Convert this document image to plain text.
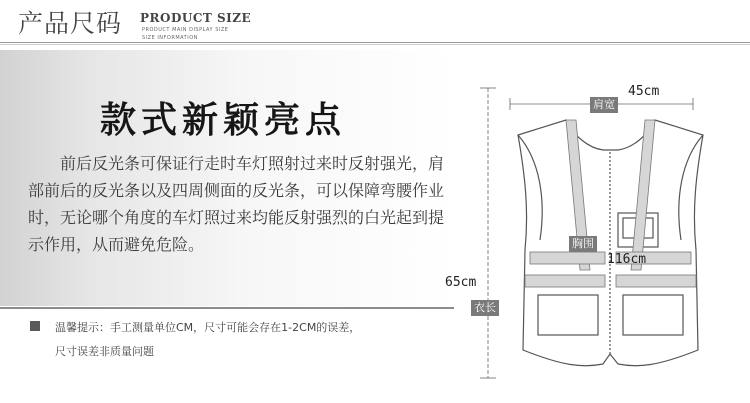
产品尺码 PRODUCT SIZE
PRODUCT MAIN DISPLAY SIZE
SIZE INFORMATION
款式新颖亮点
前后反光条可保证行走时车灯照射过来时反射强光，肩部前后的反光条以及四周侧面的反光条，可以保障弯腰作业时，无论哪个角度的车灯照过来均能反射强烈的白光起到提示作用，从而避免危险。
温馨提示：手工测量单位CM，尺寸可能会存在1-2CM的误差，
尺寸误差非质量问题
45cm
肩宽
胸围
116cm
65cm
衣长
